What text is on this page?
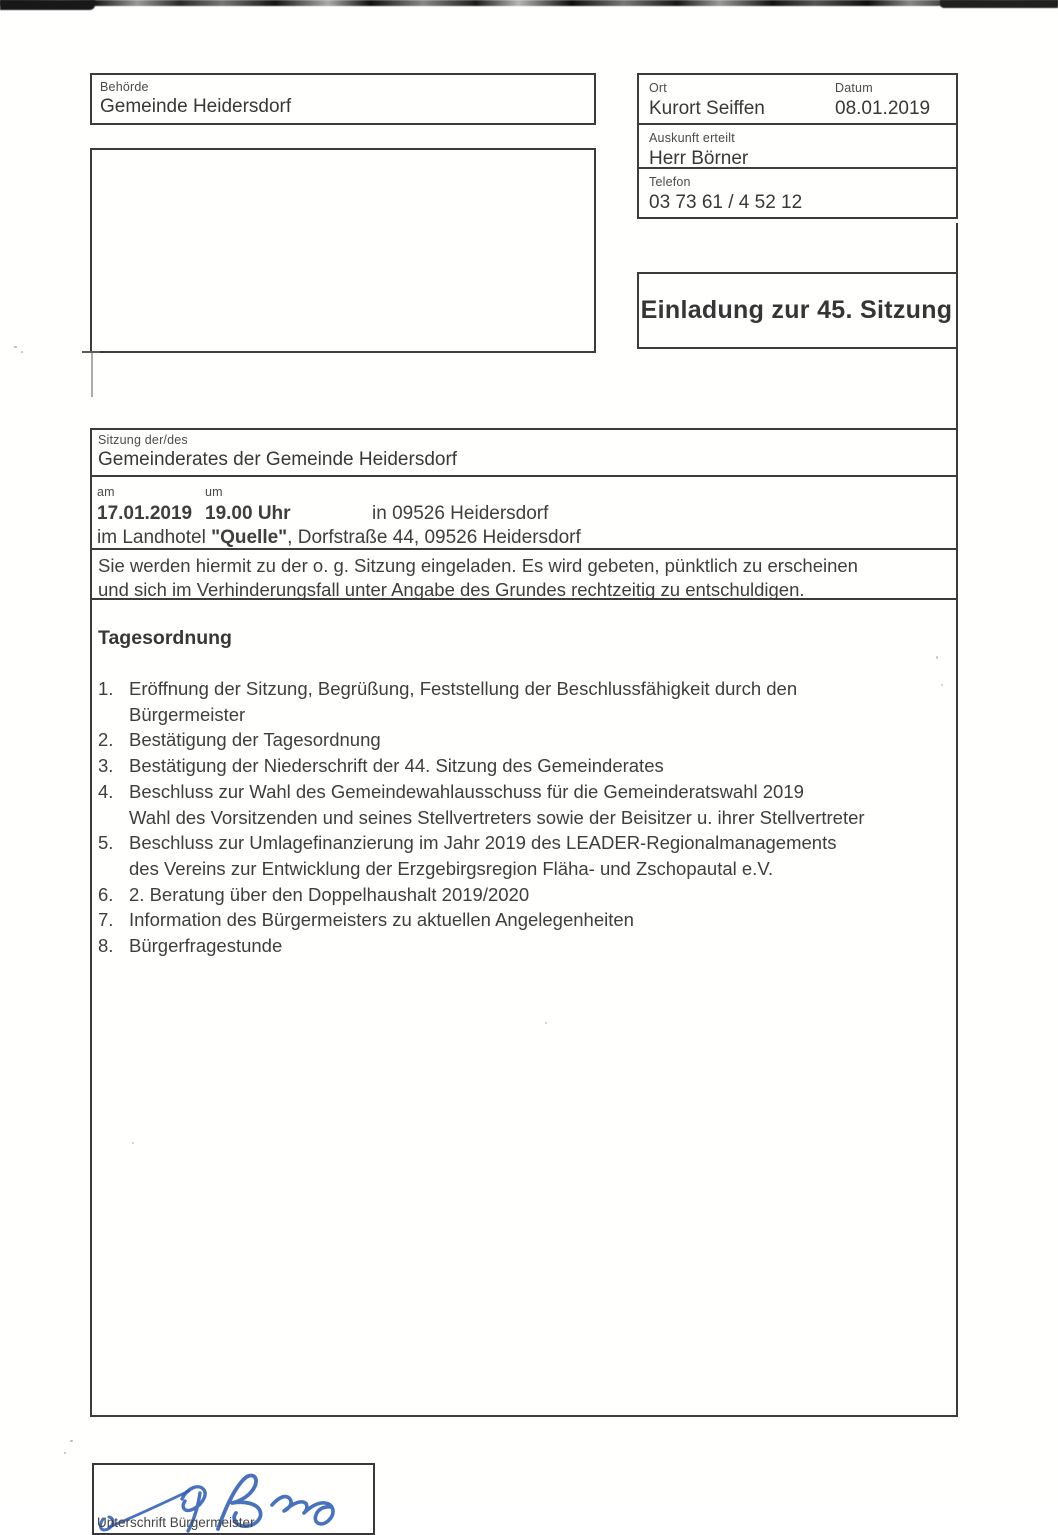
Behörde
Gemeinde Heidersdorf
Ort
Kurort Seiffen
Datum
08.01.2019
Auskunft erteilt
Herr Börner
Telefon
03 73 61 / 4 52 12
Einladung zur 45. Sitzung
Sitzung der/des
Gemeinderates der Gemeinde Heidersdorf
am	um
17.01.2019 19.00 Uhr	in 09526 Heidersdorf
im Landhotel "Quelle", Dorfstraße 44, 09526 Heidersdorf
Sie werden hiermit zu der o. g. Sitzung eingeladen. Es wird gebeten, pünktlich zu erscheinen
und sich im Verhinderungsfall unter Angabe des Grundes rechtzeitig zu entschuldigen.
Tagesordnung
1. Eröffnung der Sitzung, Begrüßung, Feststellung der Beschlussfähigkeit durch den
Bürgermeister
2. Bestätigung der Tagesordnung
3. Bestätigung der Niederschrift der 44. Sitzung des Gemeinderates
4. Beschluss zur Wahl des Gemeindewahlausschuss für die Gemeinderatswahl 2019
Wahl des Vorsitzenden und seines Stellvertreters sowie der Beisitzer u. ihrer Stellvertreter
5. Beschluss zur Umlagefinanzierung im Jahr 2019 des LEADER-Regionalmanagements
des Vereins zur Entwicklung der Erzgebirgsregion Fläha- und Zschopautal e.V.
6. 2. Beratung über den Doppelhaushalt 2019/2020
7. Information des Bürgermeisters zu aktuellen Angelegenheiten
8. Bürgerfragestunde
Unterschrift Bürgermeister
